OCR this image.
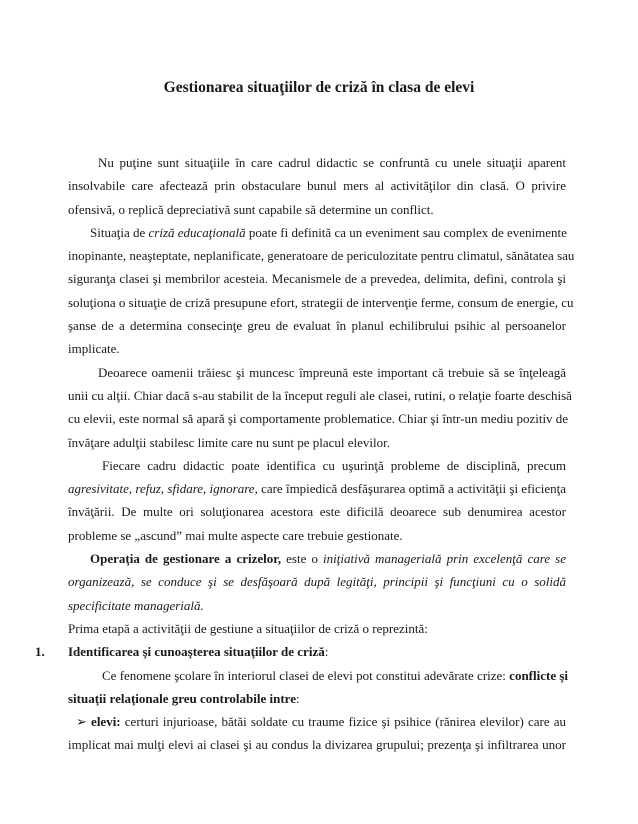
Gestionarea situaţiilor de criză în clasa de elevi

Nu puţine sunt situaţiile în care cadrul didactic se confruntă cu unele situaţii aparent
insolvabile care afectează prin obstaculare bunul mers al activităţilor din clasă. O privire
ofensivă, o replică depreciativă sunt capabile să determine un conflict.

Situaţia de criză educaţională poate fi definită ca un eveniment sau complex de evenimente
inopinante, neaşteptate, neplanificate, generatoare de periculozitate pentru climatul, sănătatea sau
siguranţa clasei şi membrilor acesteia. Mecanismele de a prevedea, delimita, defini, controla şi
soluţiona o situaţie de criză presupune efort, strategii de intervenţie ferme, consum de energie, cu
şanse de a determina consecinţe greu de evaluat în planul echilibrului psihic al persoanelor
implicate.

Deoarece oamenii trăiesc şi muncesc împreună este important că trebuie să se înţeleagă
unii cu alţii. Chiar dacă s-au stabilit de la început reguli ale clasei, rutini, o relaţie foarte deschisă
cu elevii, este normal să apară şi comportamente problematice. Chiar şi într-un mediu pozitiv de
învăţare adulţii stabilesc limite care nu sunt pe placul elevilor.

Fiecare cadru didactic poate identifica cu uşurinţă probleme de disciplină, precum
agresivitate, refuz, sfidare, ignorare, care împiedică desfăşurarea optimă a activităţii şi eficienţa
învăţării. De multe ori soluţionarea acestora este dificilă deoarece sub denumirea acestor
probleme se „ascund” mai multe aspecte care trebuie gestionate.

Operaţia de gestionare a crizelor, este o iniţiativă managerială prin excelenţă care se
organizează, se conduce şi se desfăşoară după legităţi, principii şi funcţiuni cu o solidă
specificitate managerială.

Prima etapă a activităţii de gestiune a situaţiilor de criză o reprezintă:

1. Identificarea şi cunoaşterea situaţiilor de criză:

Ce fenomene şcolare în interiorul clasei de elevi pot constitui adevărate crize: conflicte şi
situaţii relaţionale greu controlabile intre:

➢ elevi: certuri injurioase, bătăi soldate cu traume fizice şi psihice (rănirea elevilor) care au
implicat mai mulţi elevi ai clasei şi au condus la divizarea grupului; prezenţa şi infiltrarea unor
